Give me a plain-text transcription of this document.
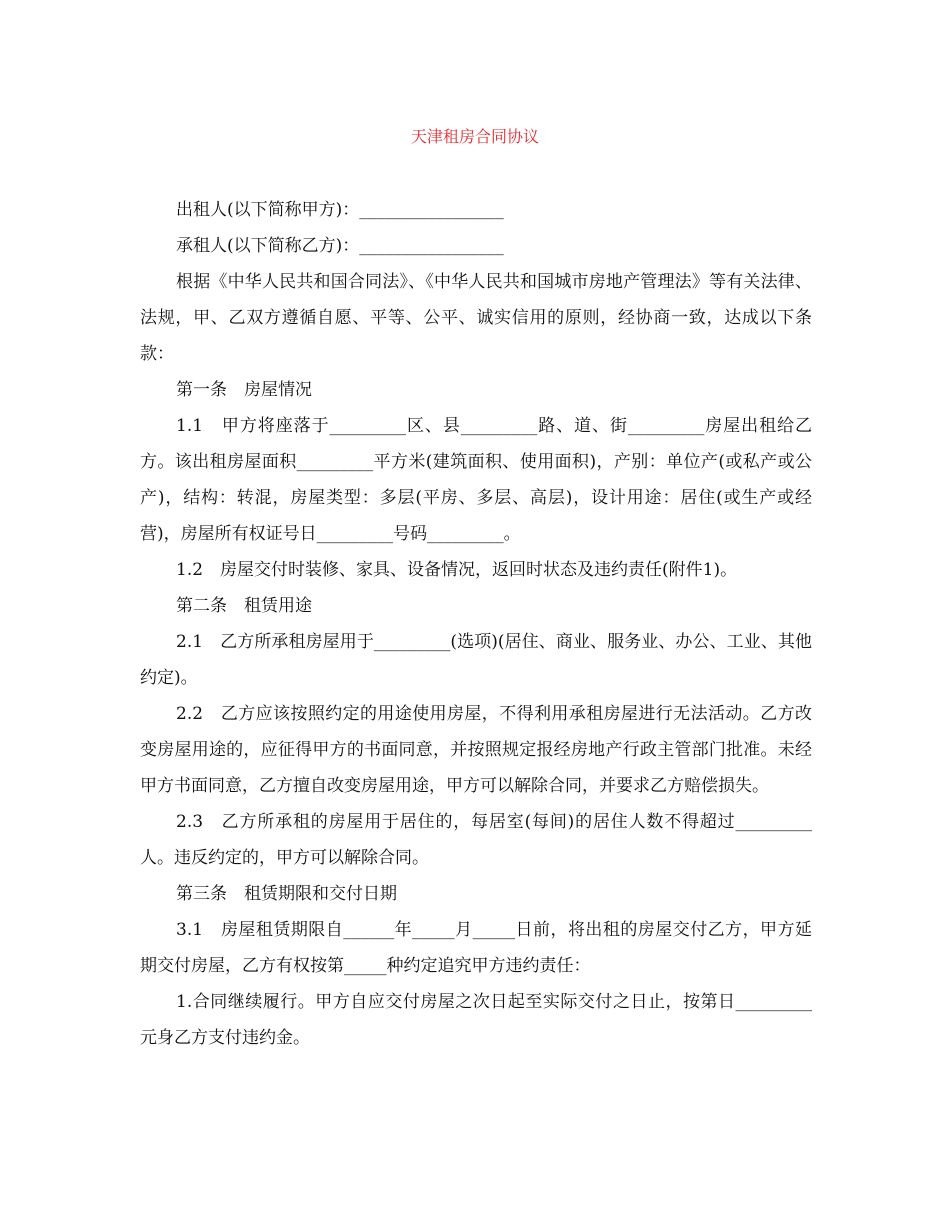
天津租房合同协议

出租人(以下简称甲方)：_________________

承租人(以下简称乙方)：_________________

根据《中华人民共和国合同法》、《中华人民共和国城市房地产管理法》等有关法律、法规，甲、乙双方遵循自愿、平等、公平、诚实信用的原则，经协商一致，达成以下条款：

第一条　房屋情况

1.1　甲方将座落于_________区、县_________路、道、街_________房屋出租给乙方。该出租房屋面积_________平方米(建筑面积、使用面积)，产别：单位产(或私产或公产)，结构：转混，房屋类型：多层(平房、多层、高层)，设计用途：居住(或生产或经营)，房屋所有权证号日_________号码_________。

1.2　房屋交付时装修、家具、设备情况，返回时状态及违约责任(附件1)。

第二条　租赁用途

2.1　乙方所承租房屋用于_________(选项)(居住、商业、服务业、办公、工业、其他约定)。

2.2　乙方应该按照约定的用途使用房屋，不得利用承租房屋进行无法活动。乙方改变房屋用途的，应征得甲方的书面同意，并按照规定报经房地产行政主管部门批准。未经甲方书面同意，乙方擅自改变房屋用途，甲方可以解除合同，并要求乙方赔偿损失。

2.3　乙方所承租的房屋用于居住的，每居室(每间)的居住人数不得超过_________人。违反约定的，甲方可以解除合同。

第三条　租赁期限和交付日期

3.1　房屋租赁期限自______年_____月_____日前，将出租的房屋交付乙方，甲方延期交付房屋，乙方有权按第_____种约定追究甲方违约责任：

1.合同继续履行。甲方自应交付房屋之次日起至实际交付之日止，按第日_________元身乙方支付违约金。
